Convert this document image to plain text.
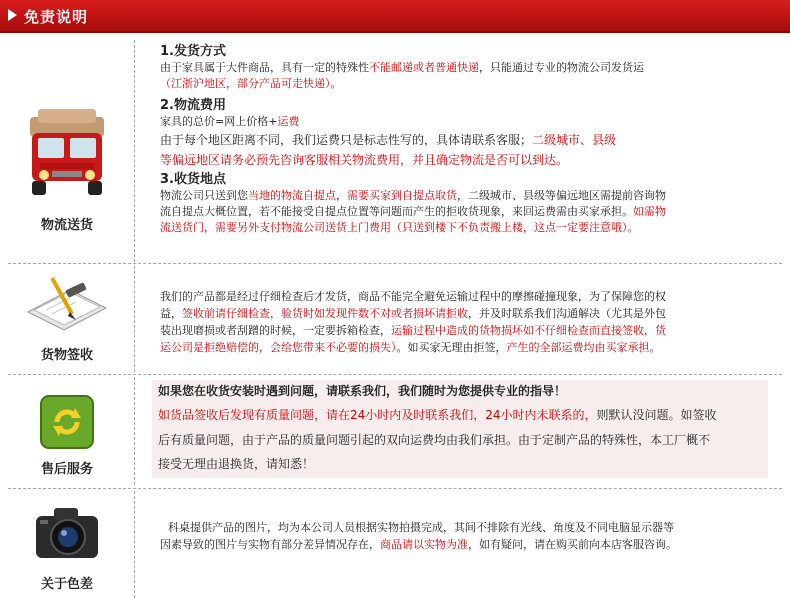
免责说明
物流送货
1.发货方式
由于家具属于大件商品，具有一定的特殊性不能邮递或者普通快递，只能通过专业的物流公司发货运
（江浙沪地区，部分产品可走快递）。
2.物流费用
家具的总价=网上价格+运费
由于每个地区距离不同，我们运费只是标志性写的，具体请联系客服；二级城市、县级
等偏远地区请务必预先咨询客服相关物流费用，并且确定物流是否可以到达。
3.收货地点
物流公司只送到您当地的物流自提点，需要买家到自提点取货，二级城市、县级等偏远地区需提前咨询物
流自提点大概位置，若不能接受自提点位置等问题而产生的拒收货现象，来回运费需由买家承担。如需物
流送货门，需要另外支付物流公司送货上门费用（只送到楼下不负责搬上楼，这点一定要注意哦）。
货物签收
我们的产品都是经过仔细检查后才发货，商品不能完全避免运输过程中的摩擦碰撞现象，为了保障您的权
益，签收前请仔细检查，验货时如发现件数不对或者损坏请拒收，并及时联系我们沟通解决（尤其是外包
装出现磨损或者刮蹭的时候，一定要拆箱检查，运输过程中造成的货物损坏如不仔细检查而直接签收，货
运公司是拒绝赔偿的，会给您带来不必要的损失）。如买家无理由拒签，产生的全部运费均由买家承担。
售后服务
如果您在收货安装时遇到问题，请联系我们，我们随时为您提供专业的指导！
如货品签收后发现有质量问题，请在24小时内及时联系我们，24小时内未联系的，则默认没问题。如签收
后有质量问题，由于产品的质量问题引起的双向运费均由我们承担。由于定制产品的特殊性，本工厂概不
接受无理由退换货，请知悉！
关于色差
科桌提供产品的图片，均为本公司人员根据实物拍摄完成，其间不排除有光线、角度及不同电脑显示器等
因素导致的图片与实物有部分差异情况存在，商品请以实物为准，如有疑问，请在购买前向本店客服咨询。
